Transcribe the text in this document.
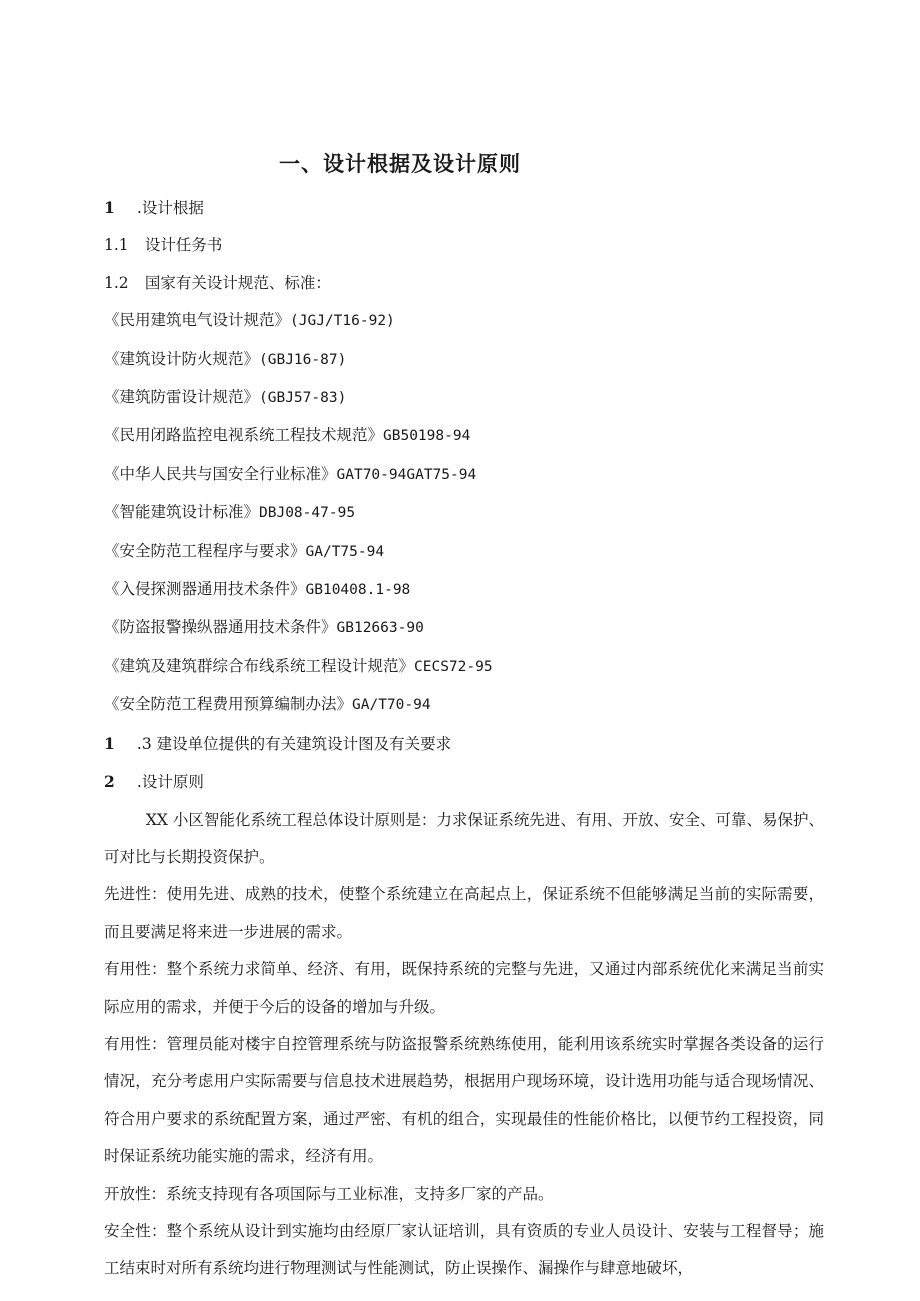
一、设计根据及设计原则

1 .设计根据

1.1 设计任务书

1.2 国家有关设计规范、标准：

《民用建筑电气设计规范》(JGJ/T16-92)

《建筑设计防火规范》(GBJ16-87)

《建筑防雷设计规范》(GBJ57-83)

《民用闭路监控电视系统工程技术规范》GB50198-94

《中华人民共与国安全行业标准》GAT70-94GAT75-94

《智能建筑设计标准》DBJ08-47-95

《安全防范工程程序与要求》GA/T75-94

《入侵探测器通用技术条件》GB10408.1-98

《防盗报警操纵器通用技术条件》GB12663-90

《建筑及建筑群综合布线系统工程设计规范》CECS72-95

《安全防范工程费用预算编制办法》GA/T70-94

1 .3 建设单位提供的有关建筑设计图及有关要求

2 .设计原则

XX 小区智能化系统工程总体设计原则是：力求保证系统先进、有用、开放、安全、可靠、易保护、可对比与长期投资保护。

先进性：使用先进、成熟的技术，使整个系统建立在高起点上，保证系统不但能够满足当前的实际需要，而且要满足将来进一步进展的需求。

有用性：整个系统力求简单、经济、有用，既保持系统的完整与先进，又通过内部系统优化来满足当前实际应用的需求，并便于今后的设备的增加与升级。

有用性：管理员能对楼宇自控管理系统与防盗报警系统熟练使用，能利用该系统实时掌握各类设备的运行情况，充分考虑用户实际需要与信息技术进展趋势，根据用户现场环境，设计选用功能与适合现场情况、符合用户要求的系统配置方案，通过严密、有机的组合，实现最佳的性能价格比，以便节约工程投资，同时保证系统功能实施的需求，经济有用。

开放性：系统支持现有各项国际与工业标准，支持多厂家的产品。

安全性：整个系统从设计到实施均由经原厂家认证培训，具有资质的专业人员设计、安装与工程督导；施工结束时对所有系统均进行物理测试与性能测试，防止误操作、漏操作与肆意地破坏，
